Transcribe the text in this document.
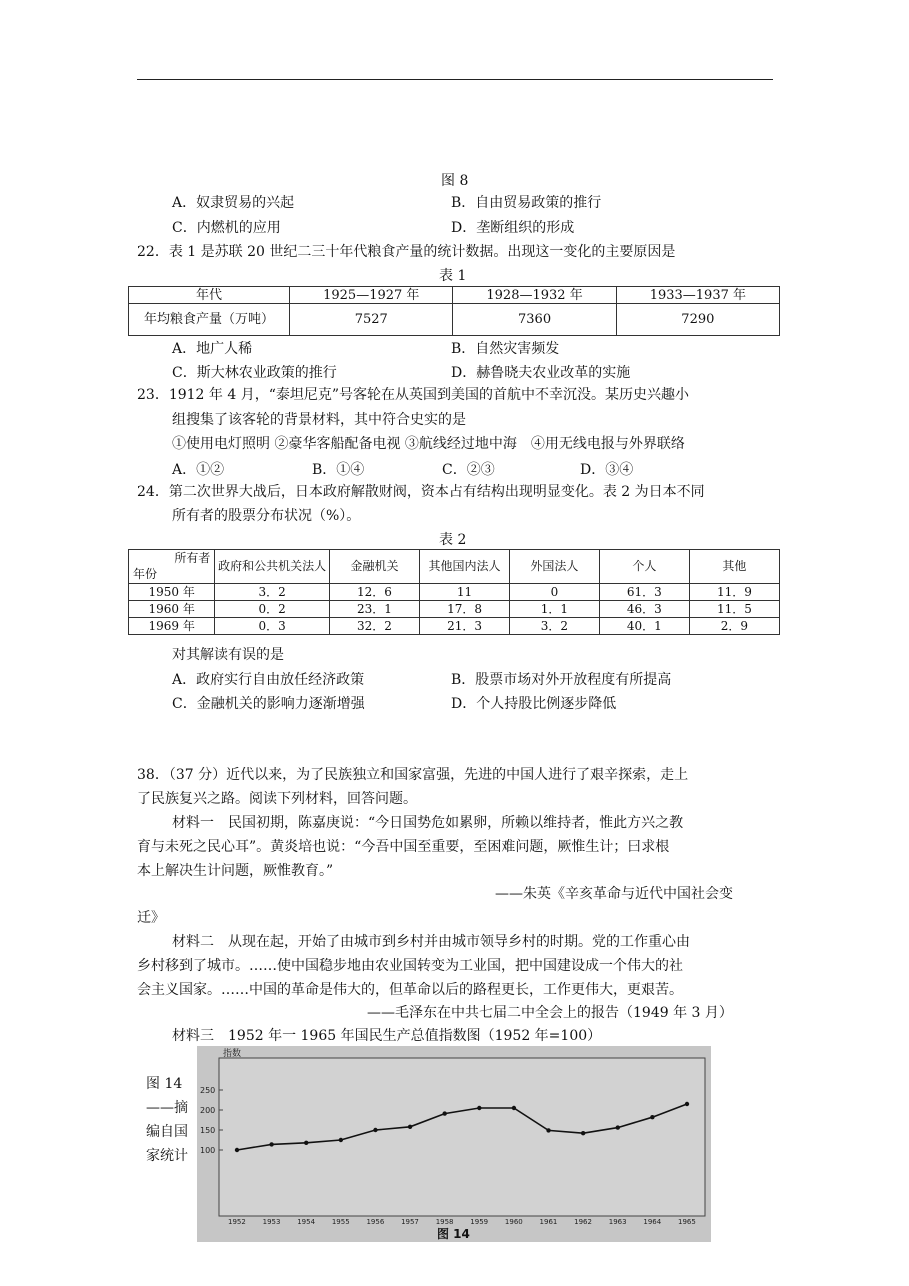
图 8
A．奴隶贸易的兴起	B．自由贸易政策的推行
C．内燃机的应用	D．垄断组织的形成
22．表 1 是苏联 20 世纪二三十年代粮食产量的统计数据。出现这一变化的主要原因是
表 1
年代	1925—1927 年	1928—1932 年	1933—1937 年
年均粮食产量（万吨）	7527	7360	7290
A．地广人稀	B．自然灾害频发
C．斯大林农业政策的推行	D．赫鲁晓夫农业改革的实施
23．1912 年 4 月，“泰坦尼克”号客轮在从英国到美国的首航中不幸沉没。某历史兴趣小
组搜集了该客轮的背景材料，其中符合史实的是
①使用电灯照明 ②豪华客船配备电视 ③航线经过地中海　④用无线电报与外界联络
A．①②	B．①④	C．②③	D．③④
24．第二次世界大战后，日本政府解散财阀，资本占有结构出现明显变化。表 2 为日本不同
所有者的股票分布状况（%）。
表 2
所有者
年份	政府和公共机关法人	金融机关	其他国内法人	外国法人	个人	其他
1950 年	3．2	12．6	11	0	61．3	11．9
1960 年	0．2	23．1	17．8	1．1	46．3	11．5
1969 年	0．3	32．2	21．3	3．2	40．1	2．9
对其解读有误的是
A．政府实行自由放任经济政策	B．股票市场对外开放程度有所提高
C．金融机关的影响力逐渐增强	D．个人持股比例逐步降低
38．（37 分）近代以来，为了民族独立和国家富强，先进的中国人进行了艰辛探索，走上
了民族复兴之路。阅读下列材料，回答问题。
材料一　民国初期，陈嘉庚说：“今日国势危如累卵，所赖以维持者，惟此方兴之教
育与未死之民心耳”。黄炎培也说：“今吾中国至重要，至困难问题，厥惟生计；曰求根
本上解决生计问题，厥惟教育。”
——朱英《辛亥革命与近代中国社会变
迁》
材料二　从现在起，开始了由城市到乡村并由城市领导乡村的时期。党的工作重心由
乡村移到了城市。……使中国稳步地由农业国转变为工业国，把中国建设成一个伟大的社
会主义国家。……中国的革命是伟大的，但革命以后的路程更长，工作更伟大，更艰苦。
——毛泽东在中共七届二中全会上的报告（1949 年 3 月）
材料三　1952 年一 1965 年国民生产总值指数图（1952 年=100）
图 14
——摘
编自国
家统计
指数
100
150
200
250
1952 1953 1954 1955 1956 1957 1958 1959 1960 1961 1962 1963 1964 1965
图 14
